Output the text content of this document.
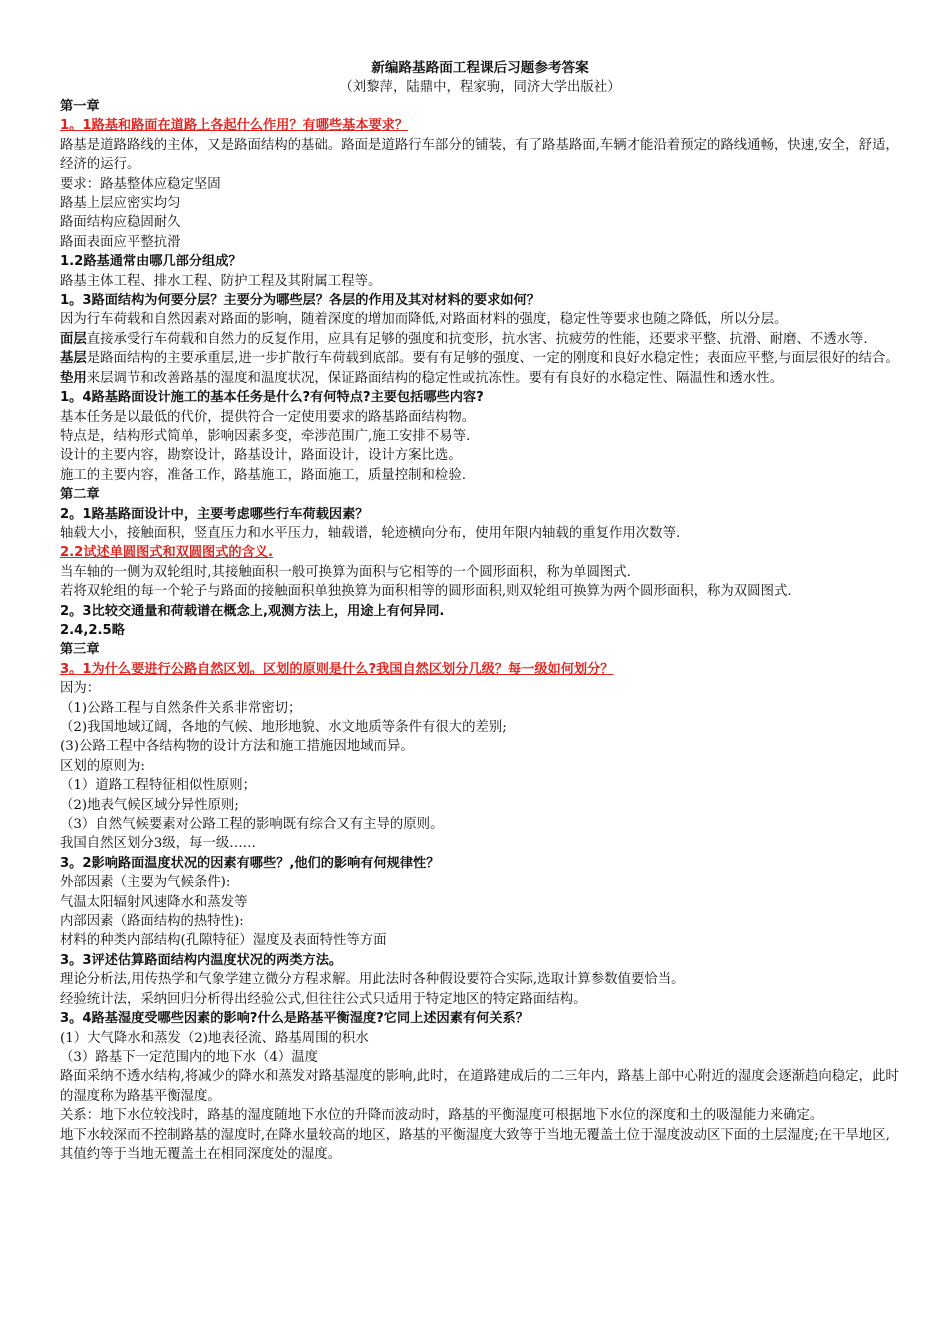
新编路基路面工程课后习题参考答案
（刘黎萍，陆鼎中，程家驹，同济大学出版社）
第一章
1。1路基和路面在道路上各起什么作用？有哪些基本要求？

路基是道路路线的主体，又是路面结构的基础。路面是道路行车部分的铺装，有了路基路面,车辆才能沿着预定的路线通畅，快速,安全，舒适，经济的运行。

要求：路基整体应稳定坚固

路基上层应密实均匀

路面结构应稳固耐久

路面表面应平整抗滑

1.2路基通常由哪几部分组成？

路基主体工程、排水工程、防护工程及其附属工程等。

1。3路面结构为何要分层？主要分为哪些层？各层的作用及其对材料的要求如何？

因为行车荷载和自然因素对路面的影响，随着深度的增加而降低,对路面材料的强度，稳定性等要求也随之降低，所以分层。

面层直接承受行车荷载和自然力的反复作用，应具有足够的强度和抗变形，抗水害、抗疲劳的性能，还要求平整、抗滑、耐磨、不透水等.

基层是路面结构的主要承重层,进一步扩散行车荷载到底部。要有有足够的强度、一定的刚度和良好水稳定性；表面应平整,与面层很好的结合。

垫用来层调节和改善路基的湿度和温度状况，保证路面结构的稳定性或抗冻性。要有有良好的水稳定性、隔温性和透水性。

1。4路基路面设计施工的基本任务是什么?有何特点?主要包括哪些内容?

基本任务是以最低的代价，提供符合一定使用要求的路基路面结构物。

特点是，结构形式简单，影响因素多变，牵涉范围广,施工安排不易等.

设计的主要内容，勘察设计，路基设计，路面设计，设计方案比选。

施工的主要内容，准备工作，路基施工，路面施工，质量控制和检验.

第二章
2。1路基路面设计中，主要考虑哪些行车荷载因素？

轴载大小，接触面积，竖直压力和水平压力，轴载谱，轮迹横向分布，使用年限内轴载的重复作用次数等.

2.2试述单圆图式和双圆图式的含义.

当车轴的一侧为双轮组时,其接触面积一般可换算为面积与它相等的一个圆形面积，称为单圆图式.

若将双轮组的每一个轮子与路面的接触面积单独换算为面积相等的圆形面积,则双轮组可换算为两个圆形面积，称为双圆图式.

2。3比较交通量和荷载谱在概念上,观测方法上，用途上有何异同.
2.4,2.5略
第三章
3。1为什么要进行公路自然区划。区划的原则是什么?我国自然区划分几级？每一级如何划分？

因为：

（1)公路工程与自然条件关系非常密切；

（2)我国地域辽阔，各地的气候、地形地貌、水文地质等条件有很大的差别;

(3)公路工程中各结构物的设计方法和施工措施因地域而异。

区划的原则为:

（1）道路工程特征相似性原则；

（2)地表气候区域分异性原则;

（3）自然气候要素对公路工程的影响既有综合又有主导的原则。

我国自然区划分3级，每一级……

3。2影响路面温度状况的因素有哪些？,他们的影响有何规律性？

外部因素（主要为气候条件):

气温太阳辐射风速降水和蒸发等

内部因素（路面结构的热特性):

材料的种类内部结构(孔隙特征）湿度及表面特性等方面

3。3评述估算路面结构内温度状况的两类方法。

理论分析法,用传热学和气象学建立微分方程求解。用此法时各种假设要符合实际,选取计算参数值要恰当。

经验统计法，采纳回归分析得出经验公式,但往往公式只适用于特定地区的特定路面结构。

3。4路基湿度受哪些因素的影响?什么是路基平衡湿度?它同上述因素有何关系？

(1）大气降水和蒸发（2)地表径流、路基周围的积水

（3）路基下一定范围内的地下水（4）温度

路面采纳不透水结构,将减少的降水和蒸发对路基湿度的影响,此时，在道路建成后的二三年内，路基上部中心附近的湿度会逐渐趋向稳定，此时的湿度称为路基平衡湿度。

关系：地下水位较浅时，路基的湿度随地下水位的升降而波动时，路基的平衡湿度可根据地下水位的深度和土的吸湿能力来确定。

地下水较深而不控制路基的湿度时,在降水量较高的地区，路基的平衡湿度大致等于当地无覆盖土位于湿度波动区下面的土层湿度;在干旱地区,其值约等于当地无覆盖土在相同深度处的湿度。
